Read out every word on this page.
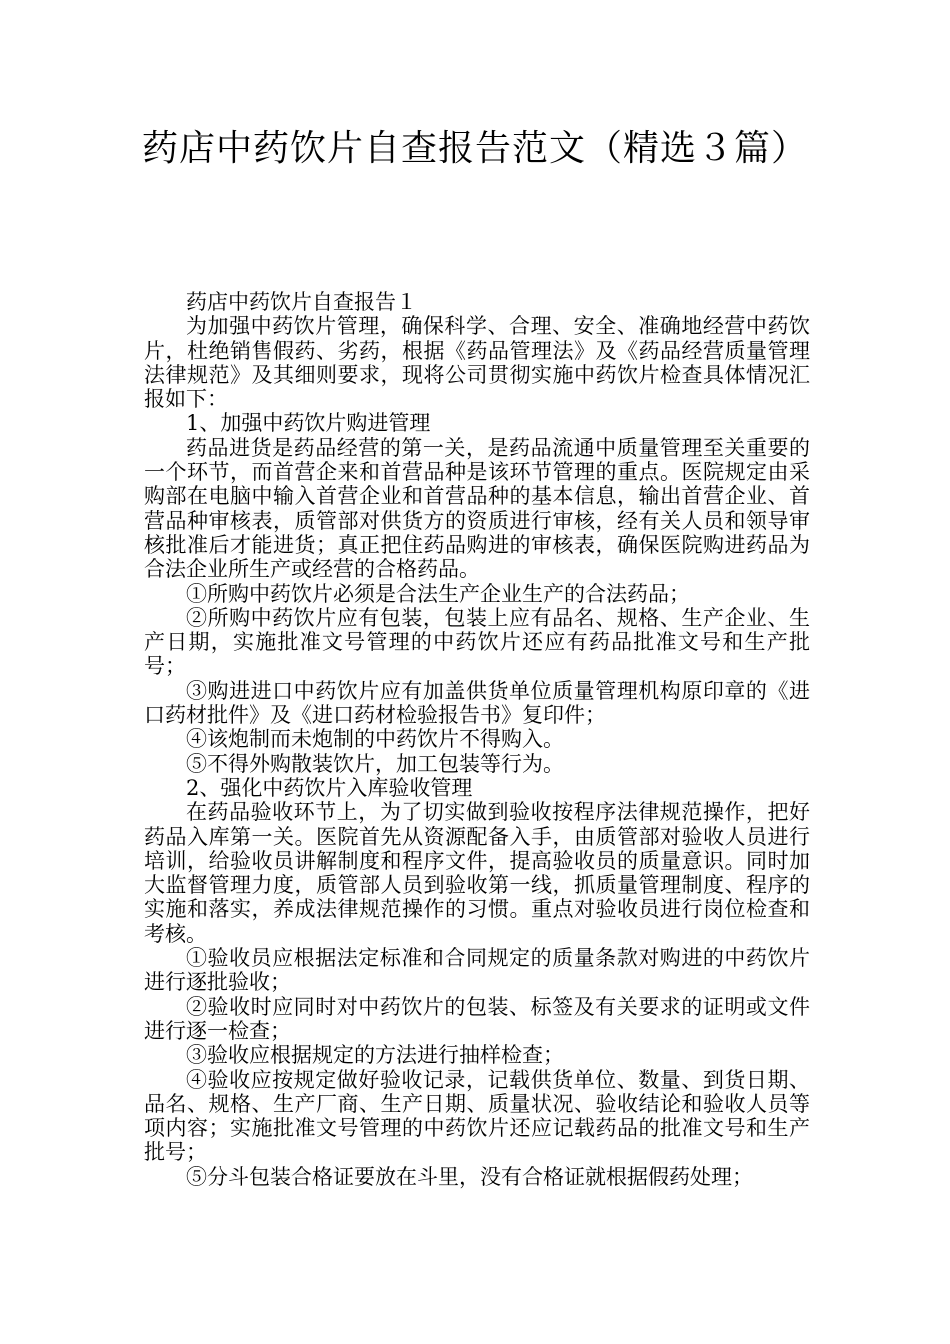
药店中药饮片自查报告范文（精选３篇）

药店中药饮片自查报告１

为加强中药饮片管理，确保科学、合理、安全、准确地经营中药饮片，杜绝销售假药、劣药，根据《药品管理法》及《药品经营质量管理法律规范》及其细则要求，现将公司贯彻实施中药饮片检查具体情况汇报如下：

1、加强中药饮片购进管理

药品进货是药品经营的第一关，是药品流通中质量管理至关重要的一个环节，而首营企来和首营品种是该环节管理的重点。医院规定由采购部在电脑中输入首营企业和首营品种的基本信息，输出首营企业、首营品种审核表，质管部对供货方的资质进行审核，经有关人员和领导审核批准后才能进货；真正把住药品购进的审核表，确保医院购进药品为合法企业所生产或经营的合格药品。

①所购中药饮片必须是合法生产企业生产的合法药品；

②所购中药饮片应有包装，包装上应有品名、规格、生产企业、生产日期，实施批准文号管理的中药饮片还应有药品批准文号和生产批号；

③购进进口中药饮片应有加盖供货单位质量管理机构原印章的《进口药材批件》及《进口药材检验报告书》复印件；

④该炮制而未炮制的中药饮片不得购入。

⑤不得外购散装饮片，加工包装等行为。

2、强化中药饮片入库验收管理

在药品验收环节上，为了切实做到验收按程序法律规范操作，把好药品入库第一关。医院首先从资源配备入手，由质管部对验收人员进行培训，给验收员讲解制度和程序文件，提高验收员的质量意识。同时加大监督管理力度，质管部人员到验收第一线，抓质量管理制度、程序的实施和落实，养成法律规范操作的习惯。重点对验收员进行岗位检查和考核。

①验收员应根据法定标准和合同规定的质量条款对购进的中药饮片进行逐批验收；

②验收时应同时对中药饮片的包装、标签及有关要求的证明或文件进行逐一检查；

③验收应根据规定的方法进行抽样检查；

④验收应按规定做好验收记录，记载供货单位、数量、到货日期、品名、规格、生产厂商、生产日期、质量状况、验收结论和验收人员等项内容；实施批准文号管理的中药饮片还应记载药品的批准文号和生产批号；

⑤分斗包装合格证要放在斗里，没有合格证就根据假药处理；
